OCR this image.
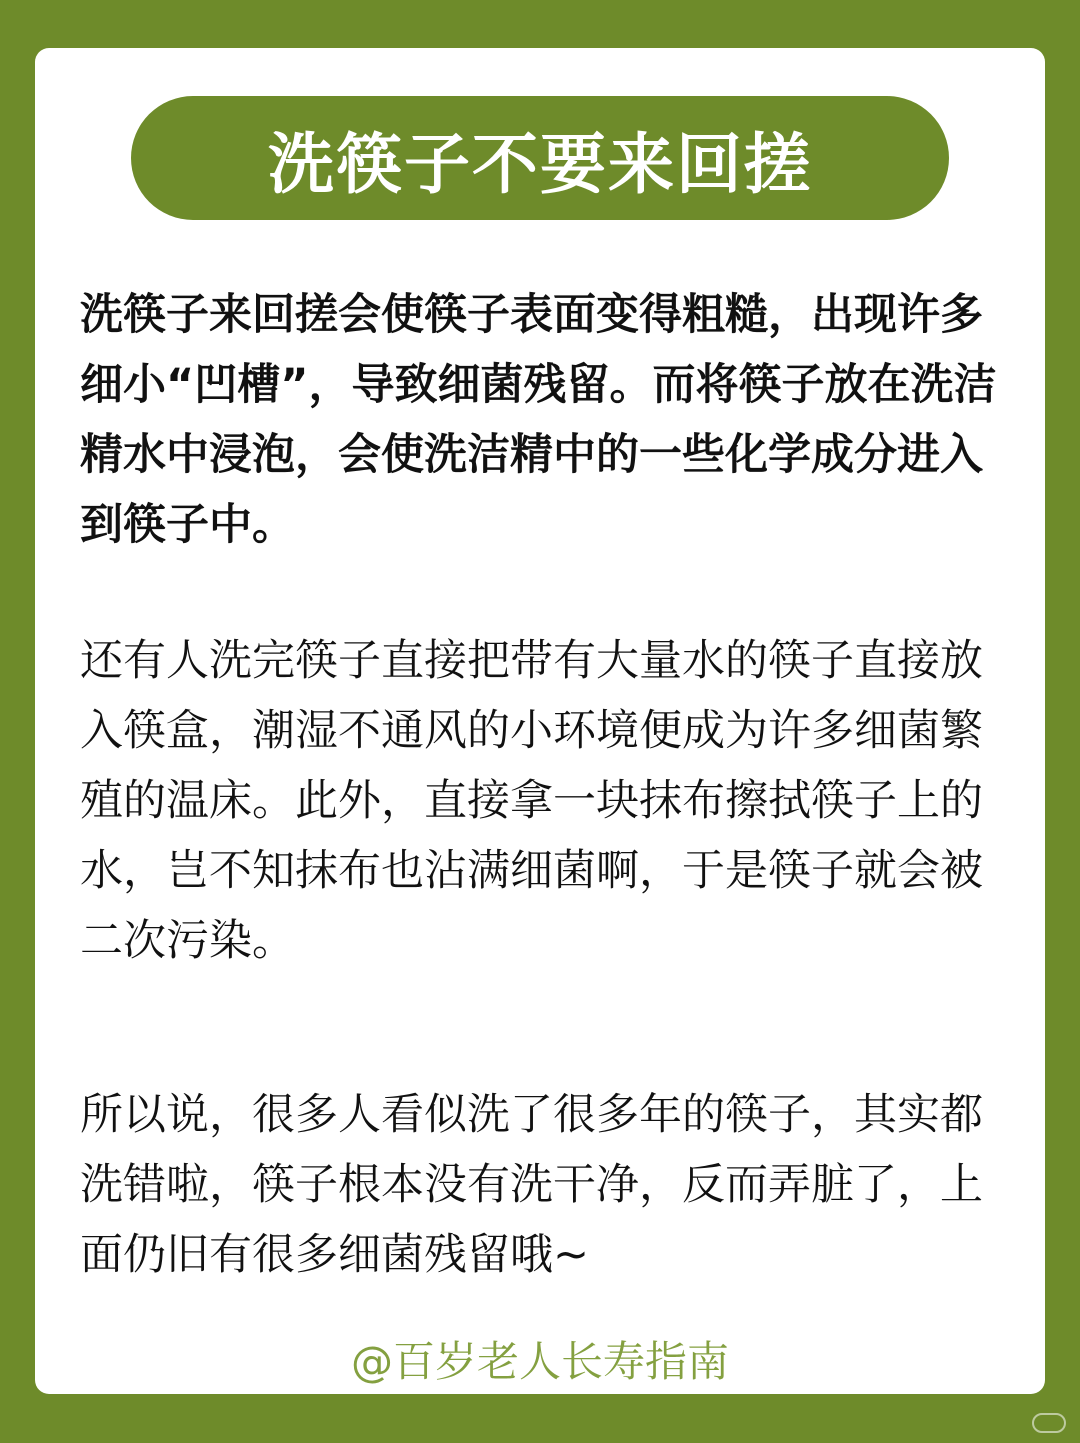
洗筷子不要来回搓

洗筷子来回搓会使筷子表面变得粗糙，出现许多细小“凹槽”，导致细菌残留。而将筷子放在洗洁精水中浸泡，会使洗洁精中的一些化学成分进入到筷子中。

还有人洗完筷子直接把带有大量水的筷子直接放入筷盒，潮湿不通风的小环境便成为许多细菌繁殖的温床。此外，直接拿一块抹布擦拭筷子上的水，岂不知抹布也沾满细菌啊，于是筷子就会被二次污染。

所以说，很多人看似洗了很多年的筷子，其实都洗错啦，筷子根本没有洗干净，反而弄脏了，上面仍旧有很多细菌残留哦~

@百岁老人长寿指南
